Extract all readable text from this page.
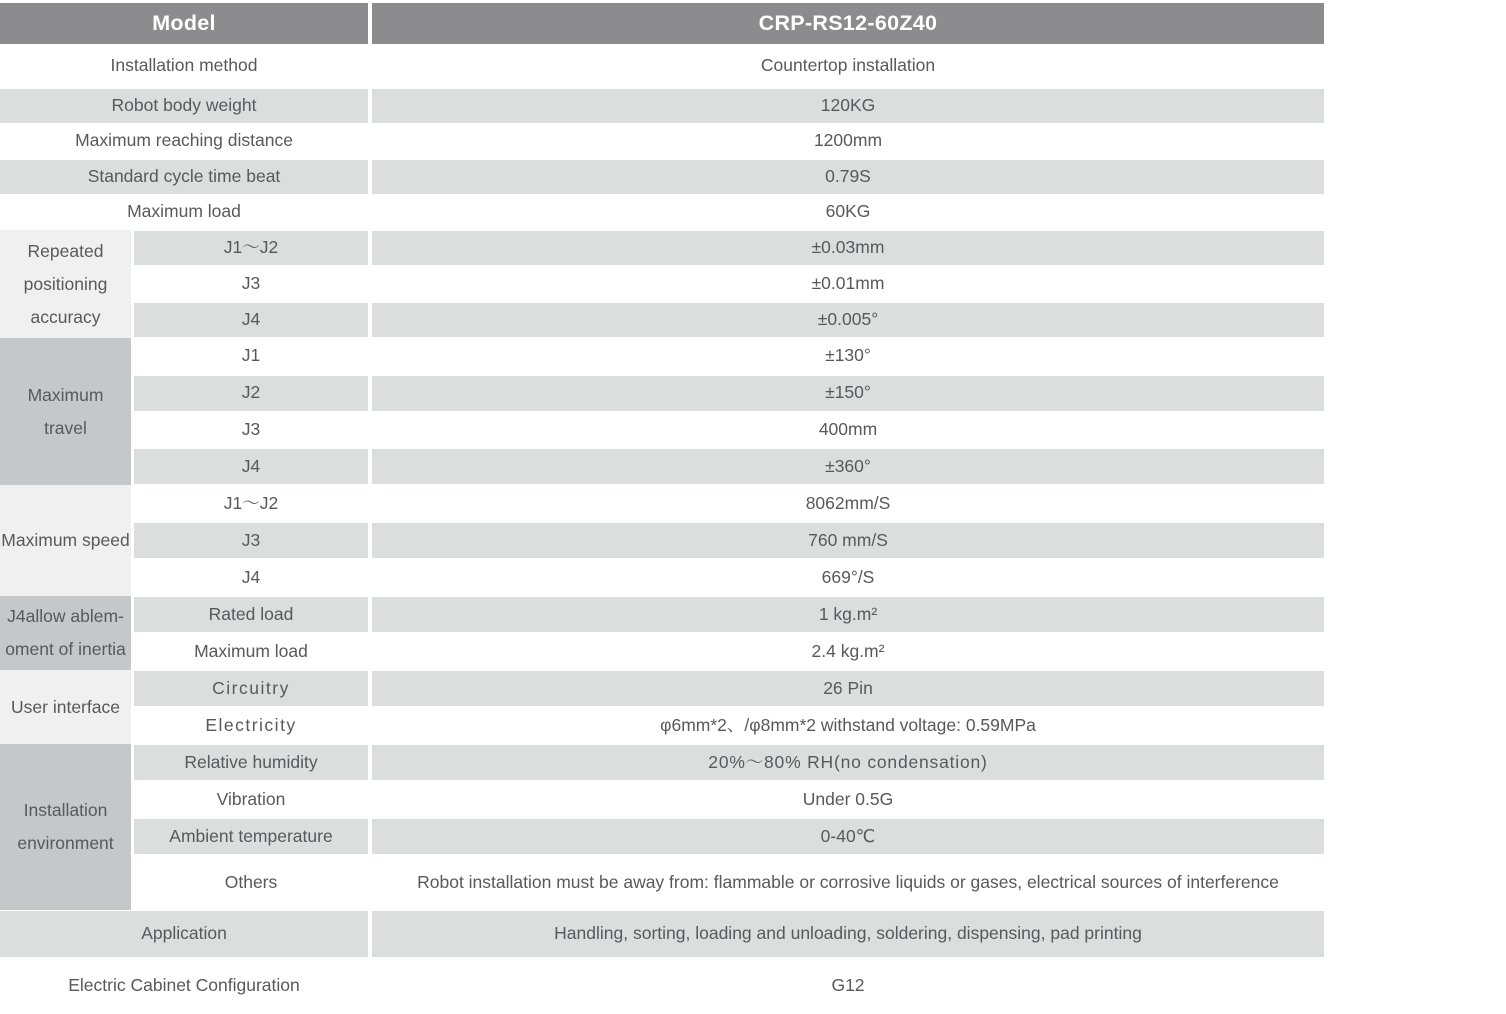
Model	CRP-RS12-60Z40
Installation method	Countertop installation
Robot body weight	120KG
Maximum reaching distance	1200mm
Standard cycle time beat	0.79S
Maximum load	60KG
Repeated
positioning
accuracy
J1～J2	±0.03mm
J3	±0.01mm
J4	±0.005°
Maximum
travel
J1	±130°
J2	±150°
J3	400mm
J4	±360°
Maximum speed
J1～J2	8062mm/S
J3	760 mm/S
J4	669°/S
J4allow ablem-
oment of inertia
Rated load	1 kg.m²
Maximum load	2.4 kg.m²
User interface
Circuitry	26 Pin
Electricity	φ6mm*2、/φ8mm*2 withstand voltage: 0.59MPa
Installation
environment
Relative humidity	20%～80% RH(no condensation)
Vibration	Under 0.5G
Ambient temperature	0-40℃
Others	Robot installation must be away from: flammable or corrosive liquids or gases, electrical sources of interference
Application	Handling, sorting, loading and unloading, soldering, dispensing, pad printing
Electric Cabinet Configuration	G12
